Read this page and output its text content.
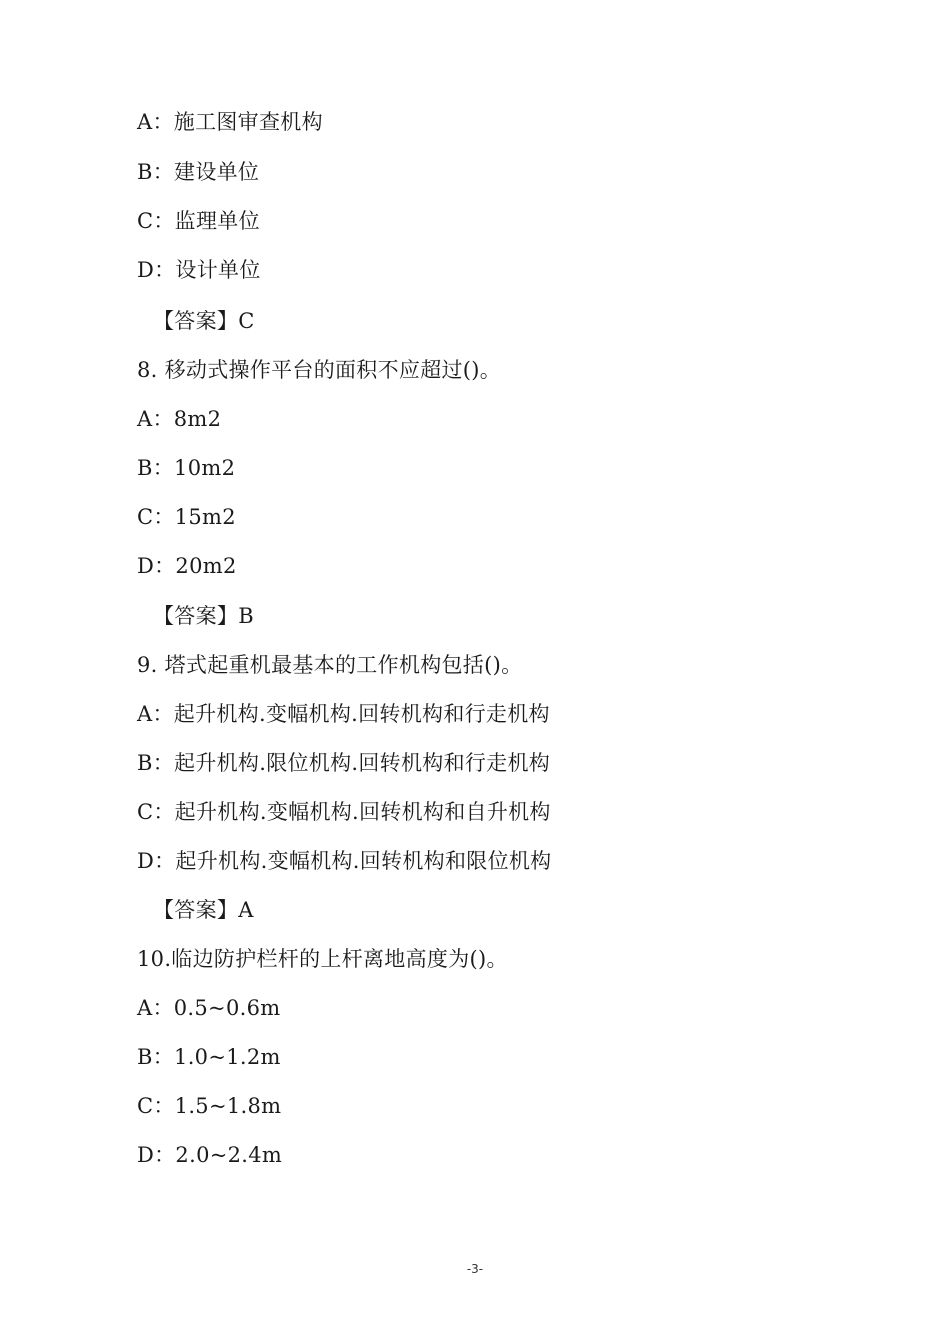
A：施工图审查机构
B：建设单位
C：监理单位
D：设计单位
【答案】C
8. 移动式操作平台的面积不应超过()。
A：8m2
B：10m2
C：15m2
D：20m2
【答案】B
9. 塔式起重机最基本的工作机构包括()。
A：起升机构.变幅机构.回转机构和行走机构
B：起升机构.限位机构.回转机构和行走机构
C：起升机构.变幅机构.回转机构和自升机构
D：起升机构.变幅机构.回转机构和限位机构
【答案】A
10.临边防护栏杆的上杆离地高度为()。
A：0.5~0.6m
B：1.0~1.2m
C：1.5~1.8m
D：2.0~2.4m
-3-
